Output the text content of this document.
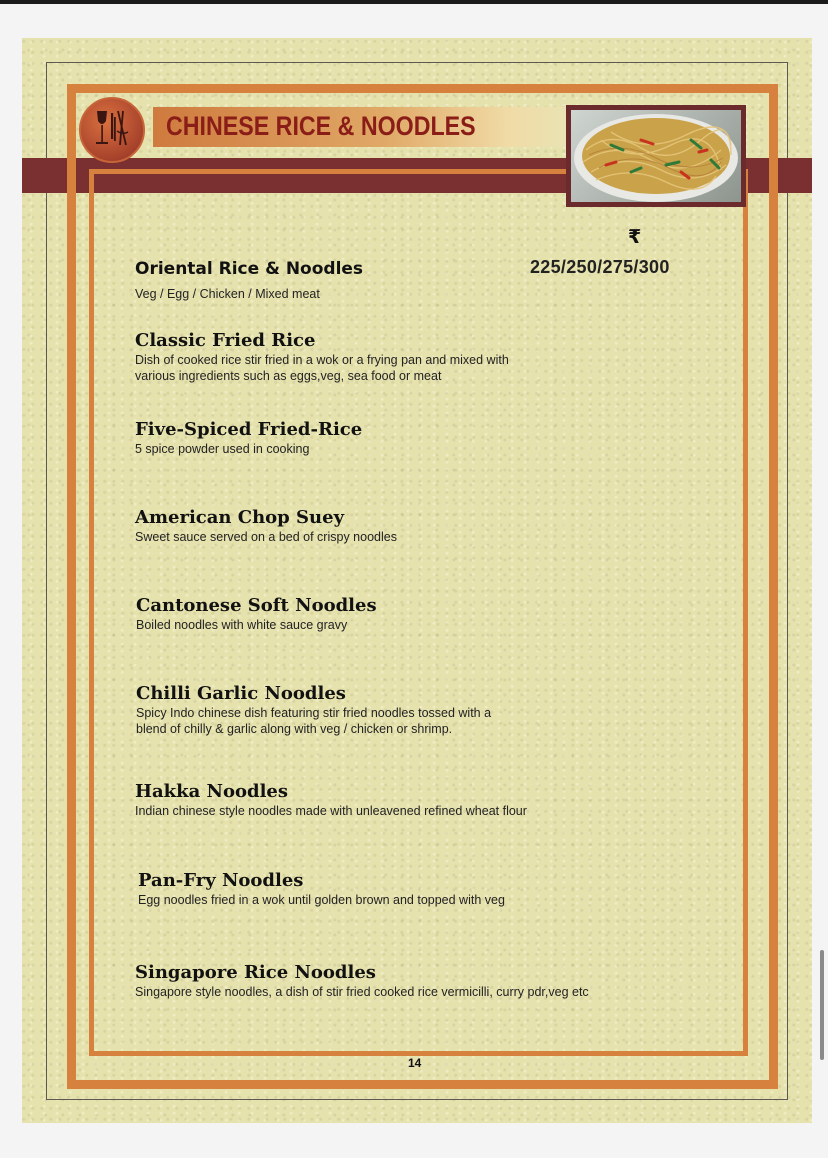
CHINESE RICE & NOODLES
₹
225/250/275/300
Oriental Rice & Noodles
Veg / Egg / Chicken / Mixed meat
Classic Fried Rice
Dish of cooked rice stir fried in a wok or a frying pan and mixed with
various ingredients such as eggs,veg, sea food or meat
Five-Spiced Fried-Rice
5 spice powder used in cooking
American Chop Suey
Sweet sauce served on a bed of crispy noodles
Cantonese Soft Noodles
Boiled noodles with white sauce gravy
Chilli Garlic Noodles
Spicy Indo chinese dish featuring stir fried noodles tossed with a
blend of chilly & garlic along with veg / chicken or shrimp.
Hakka Noodles
Indian chinese style noodles made with unleavened refined wheat flour
Pan-Fry Noodles
Egg noodles fried in a wok until golden brown and topped with veg
Singapore Rice Noodles
Singapore style noodles, a dish of stir fried cooked rice vermicilli, curry pdr,veg etc
14
